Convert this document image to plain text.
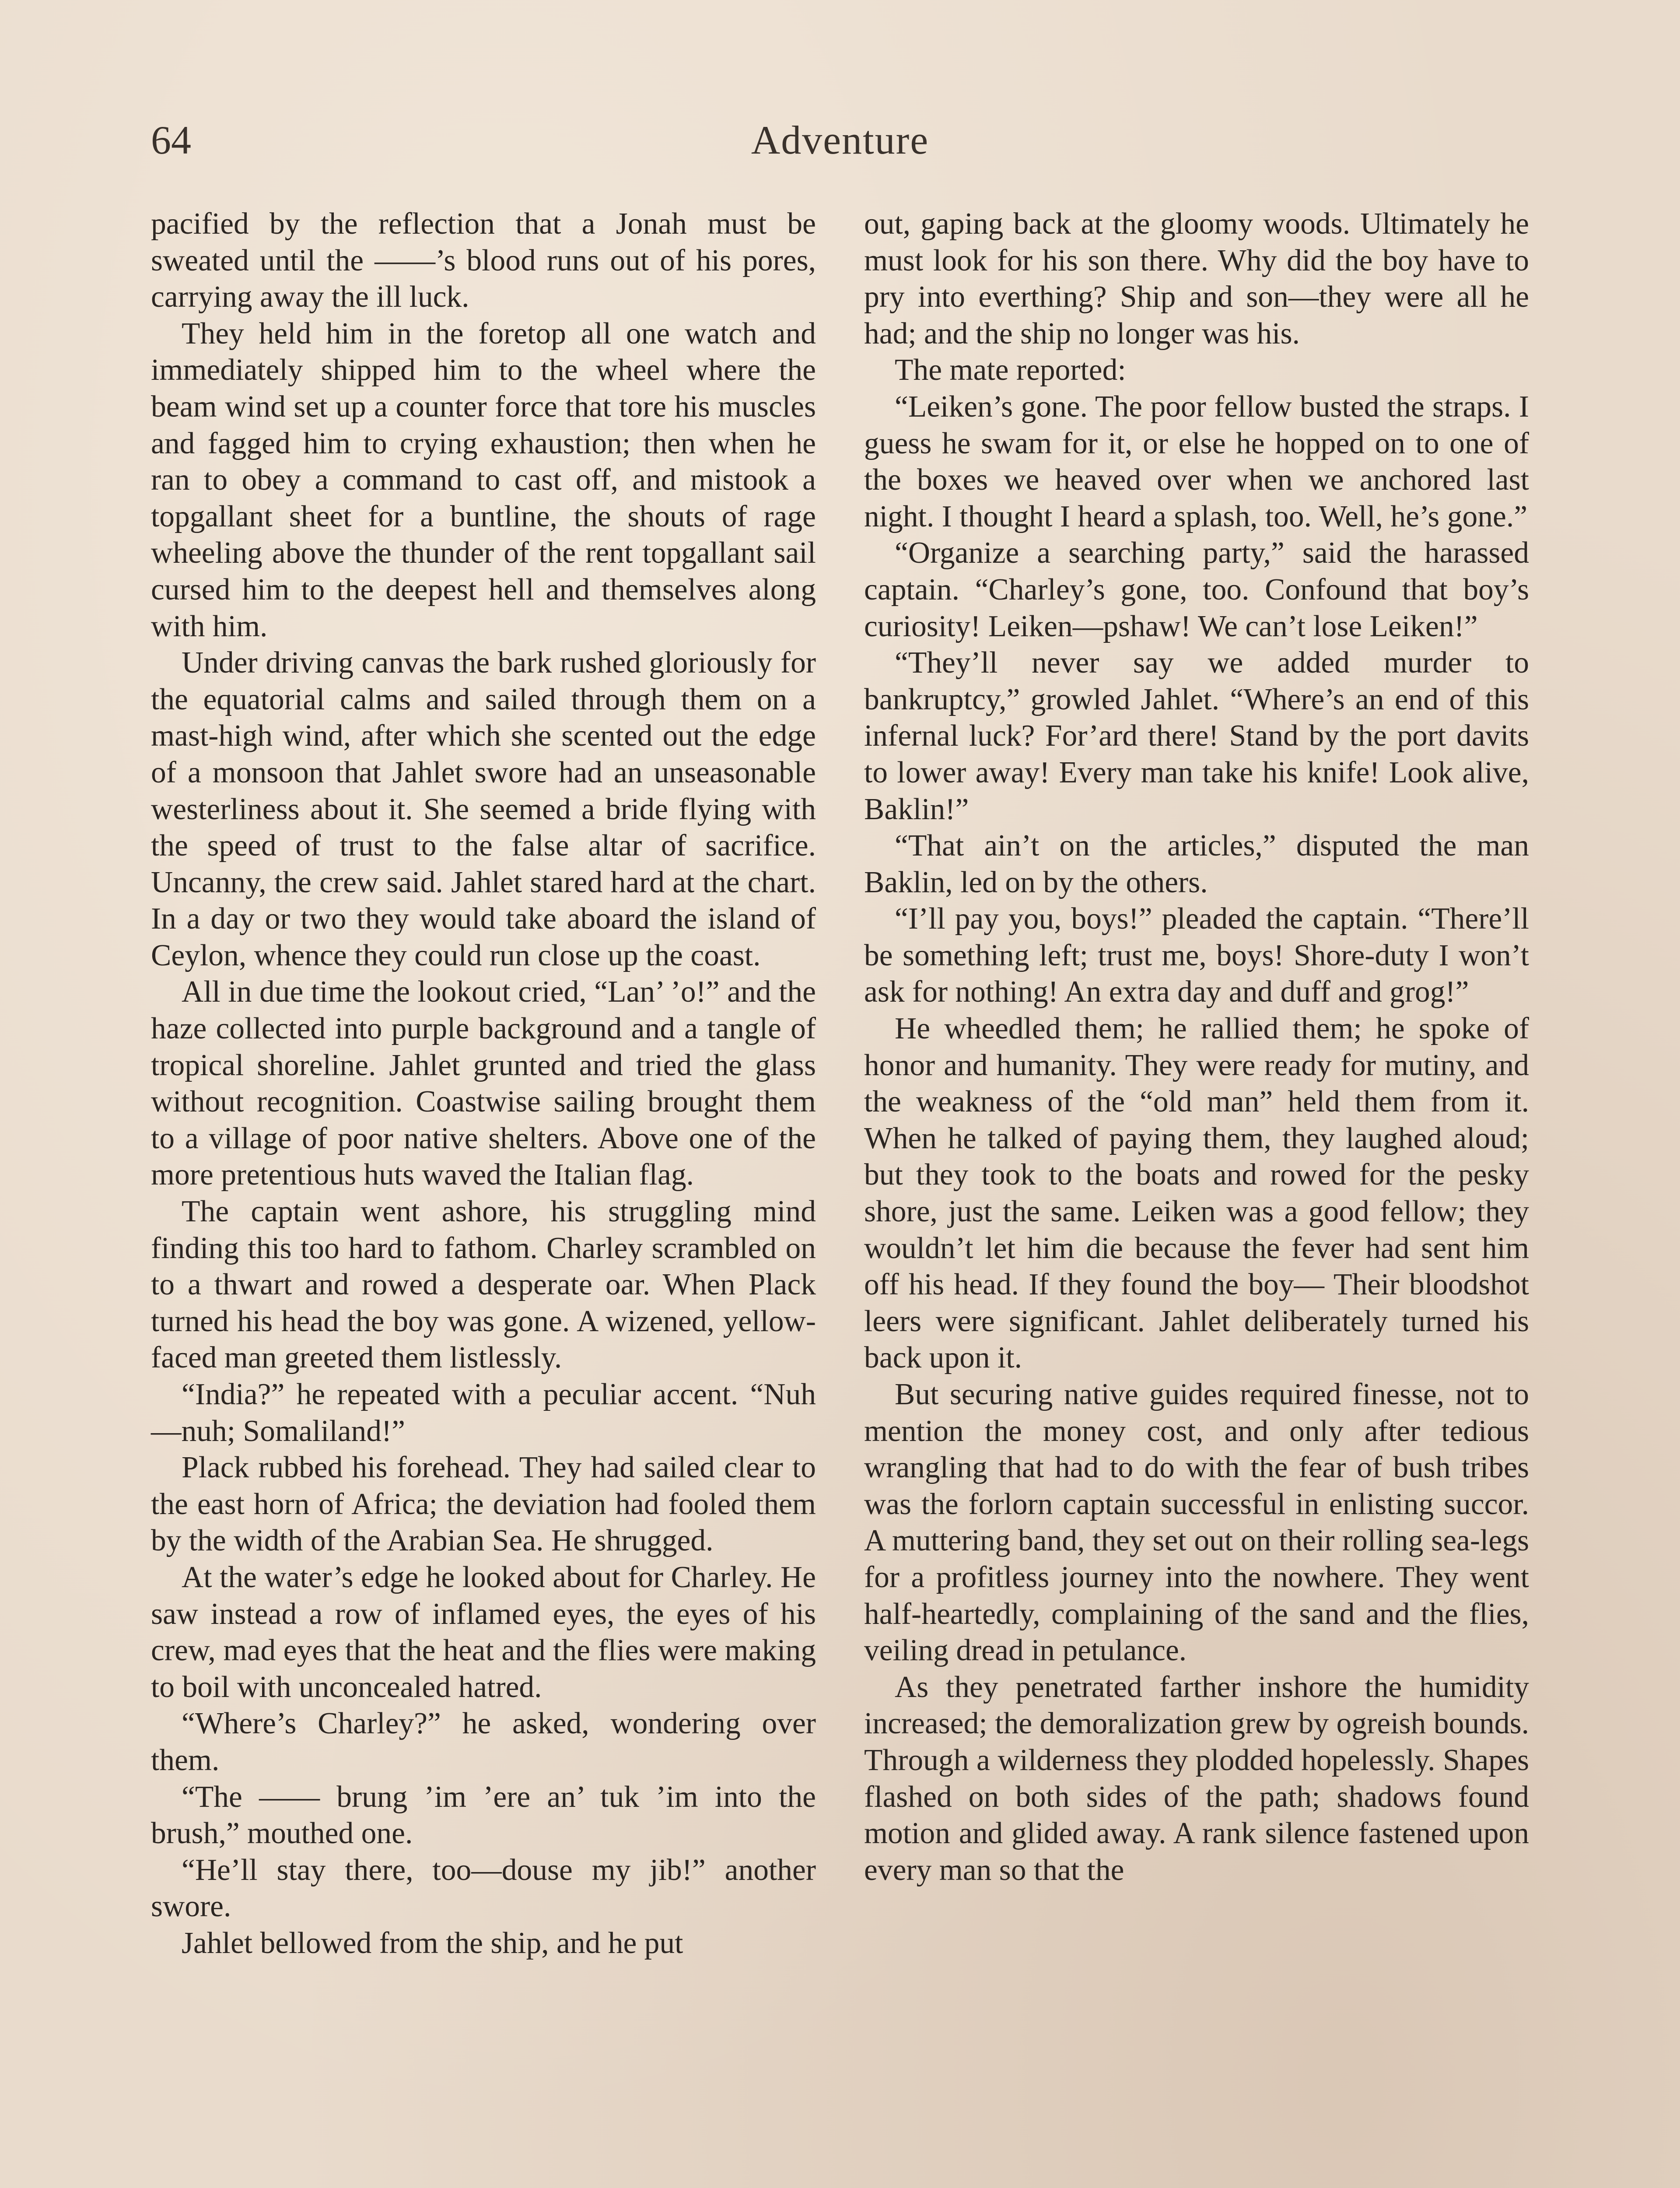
64	Adventure

pacified by the reflection that a Jonah must be sweated until the ——’s blood runs out of his pores, carrying away the ill luck.

They held him in the foretop all one watch and immediately shipped him to the wheel where the beam wind set up a counter force that tore his muscles and fagged him to crying exhaustion; then when he ran to obey a command to cast off, and mistook a topgallant sheet for a buntline, the shouts of rage wheeling above the thunder of the rent topgallant sail cursed him to the deepest hell and themselves along with him.

Under driving canvas the bark rushed gloriously for the equatorial calms and sailed through them on a mast-high wind, after which she scented out the edge of a monsoon that Jahlet swore had an unseasonable westerliness about it. She seemed a bride flying with the speed of trust to the false altar of sacrifice. Uncanny, the crew said. Jahlet stared hard at the chart. In a day or two they would take aboard the island of Ceylon, whence they could run close up the coast.

All in due time the lookout cried, “Lan’ ’o!” and the haze collected into purple background and a tangle of tropical shoreline. Jahlet grunted and tried the glass without recognition. Coastwise sailing brought them to a village of poor native shelters. Above one of the more pretentious huts waved the Italian flag.

The captain went ashore, his struggling mind finding this too hard to fathom. Charley scrambled on to a thwart and rowed a desperate oar. When Plack turned his head the boy was gone. A wizened, yellow-faced man greeted them listlessly.

“India?” he repeated with a peculiar accent. “Nuh—nuh; Somaliland!”

Plack rubbed his forehead. They had sailed clear to the east horn of Africa; the deviation had fooled them by the width of the Arabian Sea. He shrugged.

At the water’s edge he looked about for Charley. He saw instead a row of inflamed eyes, the eyes of his crew, mad eyes that the heat and the flies were making to boil with unconcealed hatred.

“Where’s Charley?” he asked, wondering over them.

“The —— brung ’im ’ere an’ tuk ’im into the brush,” mouthed one.

“He’ll stay there, too—douse my jib!” another swore.

Jahlet bellowed from the ship, and he put

out, gaping back at the gloomy woods. Ultimately he must look for his son there. Why did the boy have to pry into everthing? Ship and son—they were all he had; and the ship no longer was his.

The mate reported:

“Leiken’s gone. The poor fellow busted the straps. I guess he swam for it, or else he hopped on to one of the boxes we heaved over when we anchored last night. I thought I heard a splash, too. Well, he’s gone.”

“Organize a searching party,” said the harassed captain. “Charley’s gone, too. Confound that boy’s curiosity! Leiken—pshaw! We can’t lose Leiken!”

“They’ll never say we added murder to bankruptcy,” growled Jahlet. “Where’s an end of this infernal luck? For’ard there! Stand by the port davits to lower away! Every man take his knife! Look alive, Baklin!”

“That ain’t on the articles,” disputed the man Baklin, led on by the others.

“I’ll pay you, boys!” pleaded the captain. “There’ll be something left; trust me, boys! Shore-duty I won’t ask for nothing! An extra day and duff and grog!”

He wheedled them; he rallied them; he spoke of honor and humanity. They were ready for mutiny, and the weakness of the “old man” held them from it. When he talked of paying them, they laughed aloud; but they took to the boats and rowed for the pesky shore, just the same. Leiken was a good fellow; they wouldn’t let him die because the fever had sent him off his head. If they found the boy— Their bloodshot leers were significant. Jahlet deliberately turned his back upon it.

But securing native guides required finesse, not to mention the money cost, and only after tedious wrangling that had to do with the fear of bush tribes was the forlorn captain successful in enlisting succor. A muttering band, they set out on their rolling sea-legs for a profitless journey into the nowhere. They went half-heartedly, complaining of the sand and the flies, veiling dread in petulance.

As they penetrated farther inshore the humidity increased; the demoralization grew by ogreish bounds. Through a wilderness they plodded hopelessly. Shapes flashed on both sides of the path; shadows found motion and glided away. A rank silence fastened upon every man so that the
